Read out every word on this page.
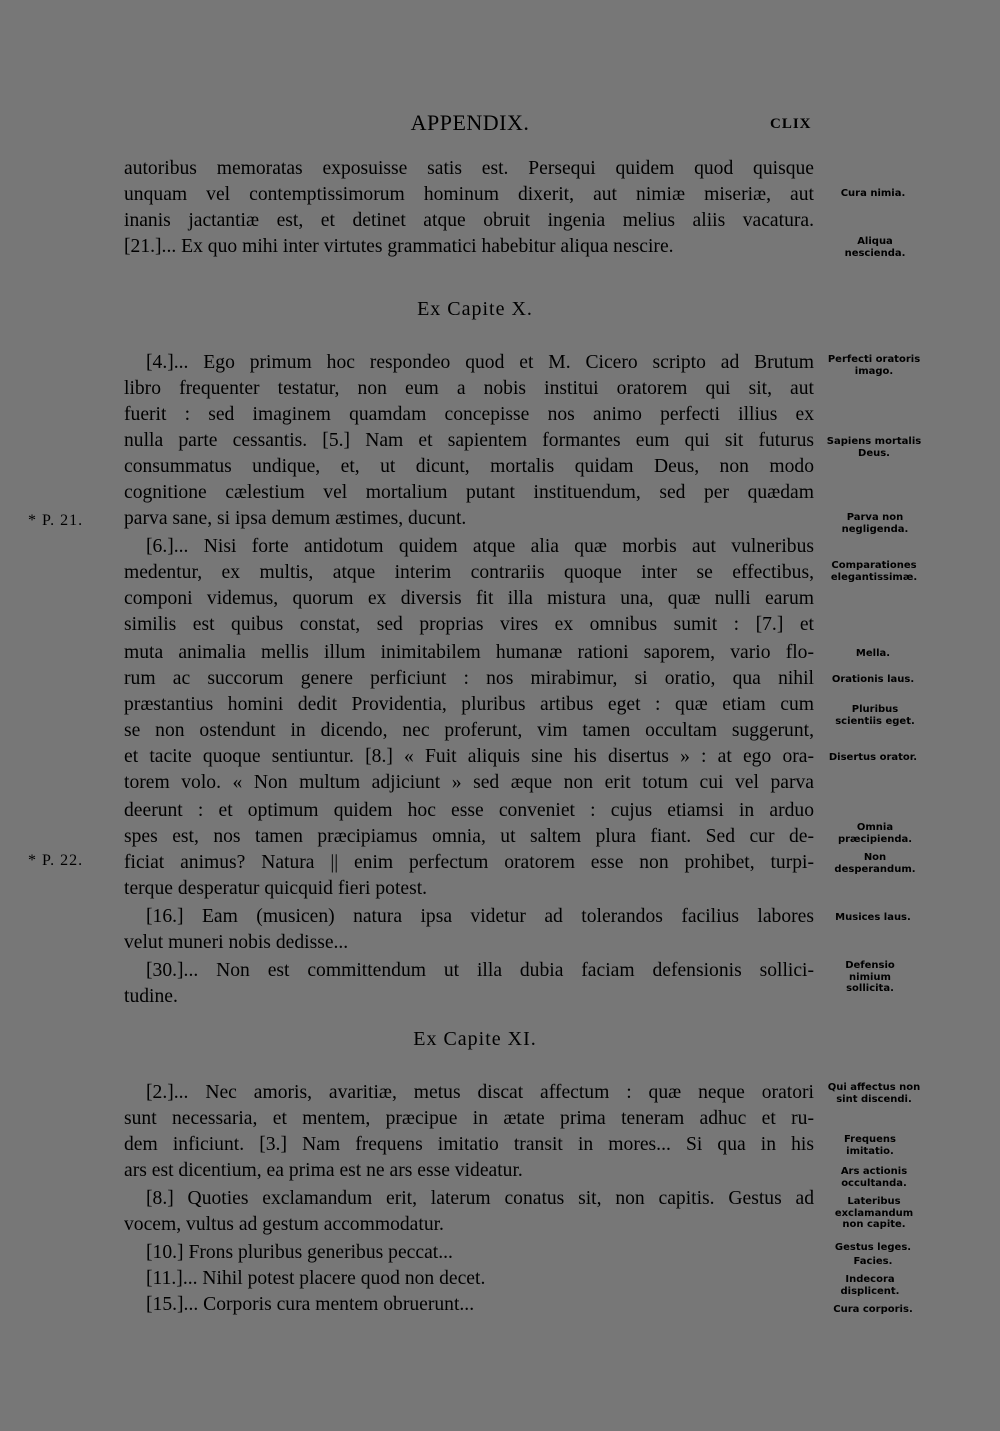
APPENDIX.	CLIX
autoribus memoratas exposuisse satis est. Persequi quidem quod quisque
unquam vel contemptissimorum hominum dixerit, aut nimiæ miseriæ, aut
inanis jactantiæ est, et detinet atque obruit ingenia melius aliis vacatura.
[21.]... Ex quo mihi inter virtutes grammatici habebitur aliqua nescire.
Ex Capite X.
[4.]... Ego primum hoc respondeo quod et M. Cicero scripto ad Brutum
libro frequenter testatur, non eum a nobis institui oratorem qui sit, aut
fuerit : sed imaginem quamdam concepisse nos animo perfecti illius ex
nulla parte cessantis. [5.] Nam et sapientem formantes eum qui sit futurus
consummatus undique, et, ut dicunt, mortalis quidam Deus, non modo
cognitione cælestium vel mortalium putant instituendum, sed per quædam
parva sane, si ipsa demum æstimes, ducunt.
[6.]... Nisi forte antidotum quidem atque alia quæ morbis aut vulneribus
medentur, ex multis, atque interim contrariis quoque inter se effectibus,
componi videmus, quorum ex diversis fit illa mistura una, quæ nulli earum
similis est quibus constat, sed proprias vires ex omnibus sumit : [7.] et
muta animalia mellis illum inimitabilem humanæ rationi saporem, vario flo-
rum ac succorum genere perficiunt : nos mirabimur, si oratio, qua nihil
præstantius homini dedit Providentia, pluribus artibus eget : quæ etiam cum
se non ostendunt in dicendo, nec proferunt, vim tamen occultam suggerunt,
et tacite quoque sentiuntur. [8.] « Fuit aliquis sine his disertus » : at ego ora-
torem volo. « Non multum adjiciunt » sed æque non erit totum cui vel parva
deerunt : et optimum quidem hoc esse conveniet : cujus etiamsi in arduo
spes est, nos tamen præcipiamus omnia, ut saltem plura fiant. Sed cur de-
ficiat animus? Natura || enim perfectum oratorem esse non prohibet, turpi-
terque desperatur quicquid fieri potest.
[16.] Eam (musicen) natura ipsa videtur ad tolerandos facilius labores
velut muneri nobis dedisse...
[30.]... Non est committendum ut illa dubia faciam defensionis sollici-
tudine.
Ex Capite XI.
[2.]... Nec amoris, avaritiæ, metus discat affectum : quæ neque oratori
sunt necessaria, et mentem, præcipue in ætate prima teneram adhuc et ru-
dem inficiunt. [3.] Nam frequens imitatio transit in mores... Si qua in his
ars est dicentium, ea prima est ne ars esse videatur.
[8.] Quoties exclamandum erit, laterum conatus sit, non capitis. Gestus ad
vocem, vultus ad gestum accommodatur.
[10.] Frons pluribus generibus peccat...
[11.]... Nihil potest placere quod non decet.
[15.]... Corporis cura mentem obruerunt...
* P. 21.
* P. 22.
Cura nimia.
Aliqua nescienda.
Perfecti oratoris imago.
Sapiens mortalis Deus.
Parva non negligenda.
Comparationes elegantissimæ.
Mella.
Orationis laus.
Pluribus scientiis eget.
Disertus orator.
Omnia præcipienda.
Non desperandum.
Musices laus.
Defensio nimium sollicita.
Qui affectus non sint discendi.
Frequens imitatio.
Ars actionis occultanda.
Lateribus exclamandum non capite.
Gestus leges.
Facies.
Indecora displicent.
Cura corporis.
